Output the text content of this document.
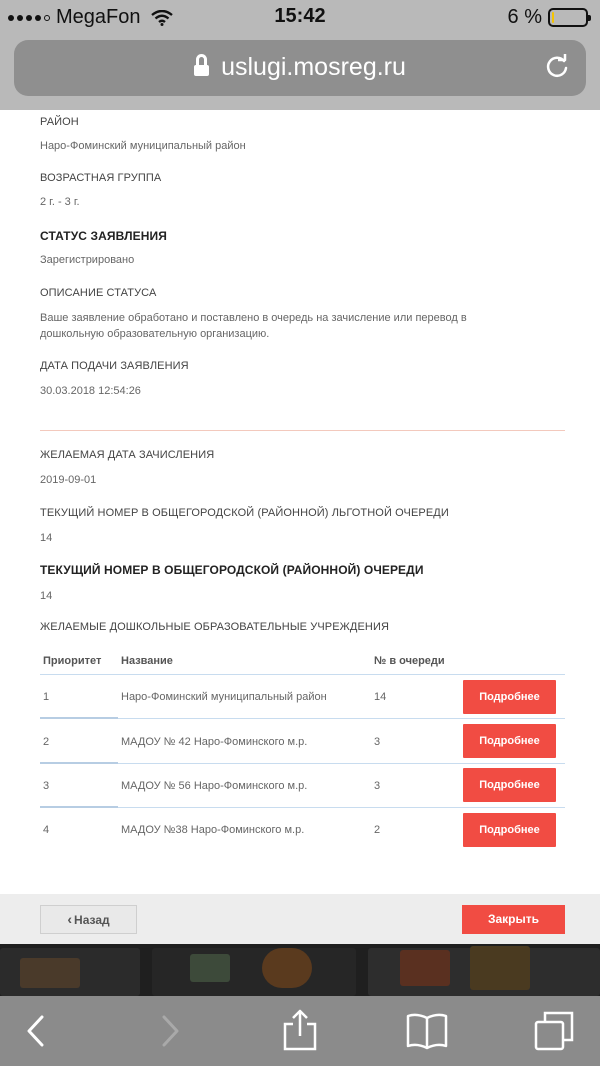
MegaFon	15:42	6 %
uslugi.mosreg.ru
РАЙОН
Наро-Фоминский муниципальный район
ВОЗРАСТНАЯ ГРУППА
2 г. - 3 г.
СТАТУС ЗАЯВЛЕНИЯ
Зарегистрировано
ОПИСАНИЕ СТАТУСА
Ваше заявление обработано и поставлено в очередь на зачисление или перевод в
дошкольную образовательную организацию.
ДАТА ПОДАЧИ ЗАЯВЛЕНИЯ
30.03.2018 12:54:26
ЖЕЛАЕМАЯ ДАТА ЗАЧИСЛЕНИЯ
2019-09-01
ТЕКУЩИЙ НОМЕР В ОБЩЕГОРОДСКОЙ (РАЙОННОЙ) ЛЬГОТНОЙ ОЧЕРЕДИ
14
ТЕКУЩИЙ НОМЕР В ОБЩЕГОРОДСКОЙ (РАЙОННОЙ) ОЧЕРЕДИ
14
ЖЕЛАЕМЫЕ ДОШКОЛЬНЫЕ ОБРАЗОВАТЕЛЬНЫЕ УЧРЕЖДЕНИЯ
Приоритет Название	№ в очереди
1	Наро-Фоминский муниципальный район	14	Подробнее
2	МАДОУ № 42 Наро-Фоминского м.р.	3	Подробнее
3	МАДОУ № 56 Наро-Фоминского м.р.	3	Подробнее
4	МАДОУ №38 Наро-Фоминского м.р.	2	Подробнее
‹ Назад	Закрыть
